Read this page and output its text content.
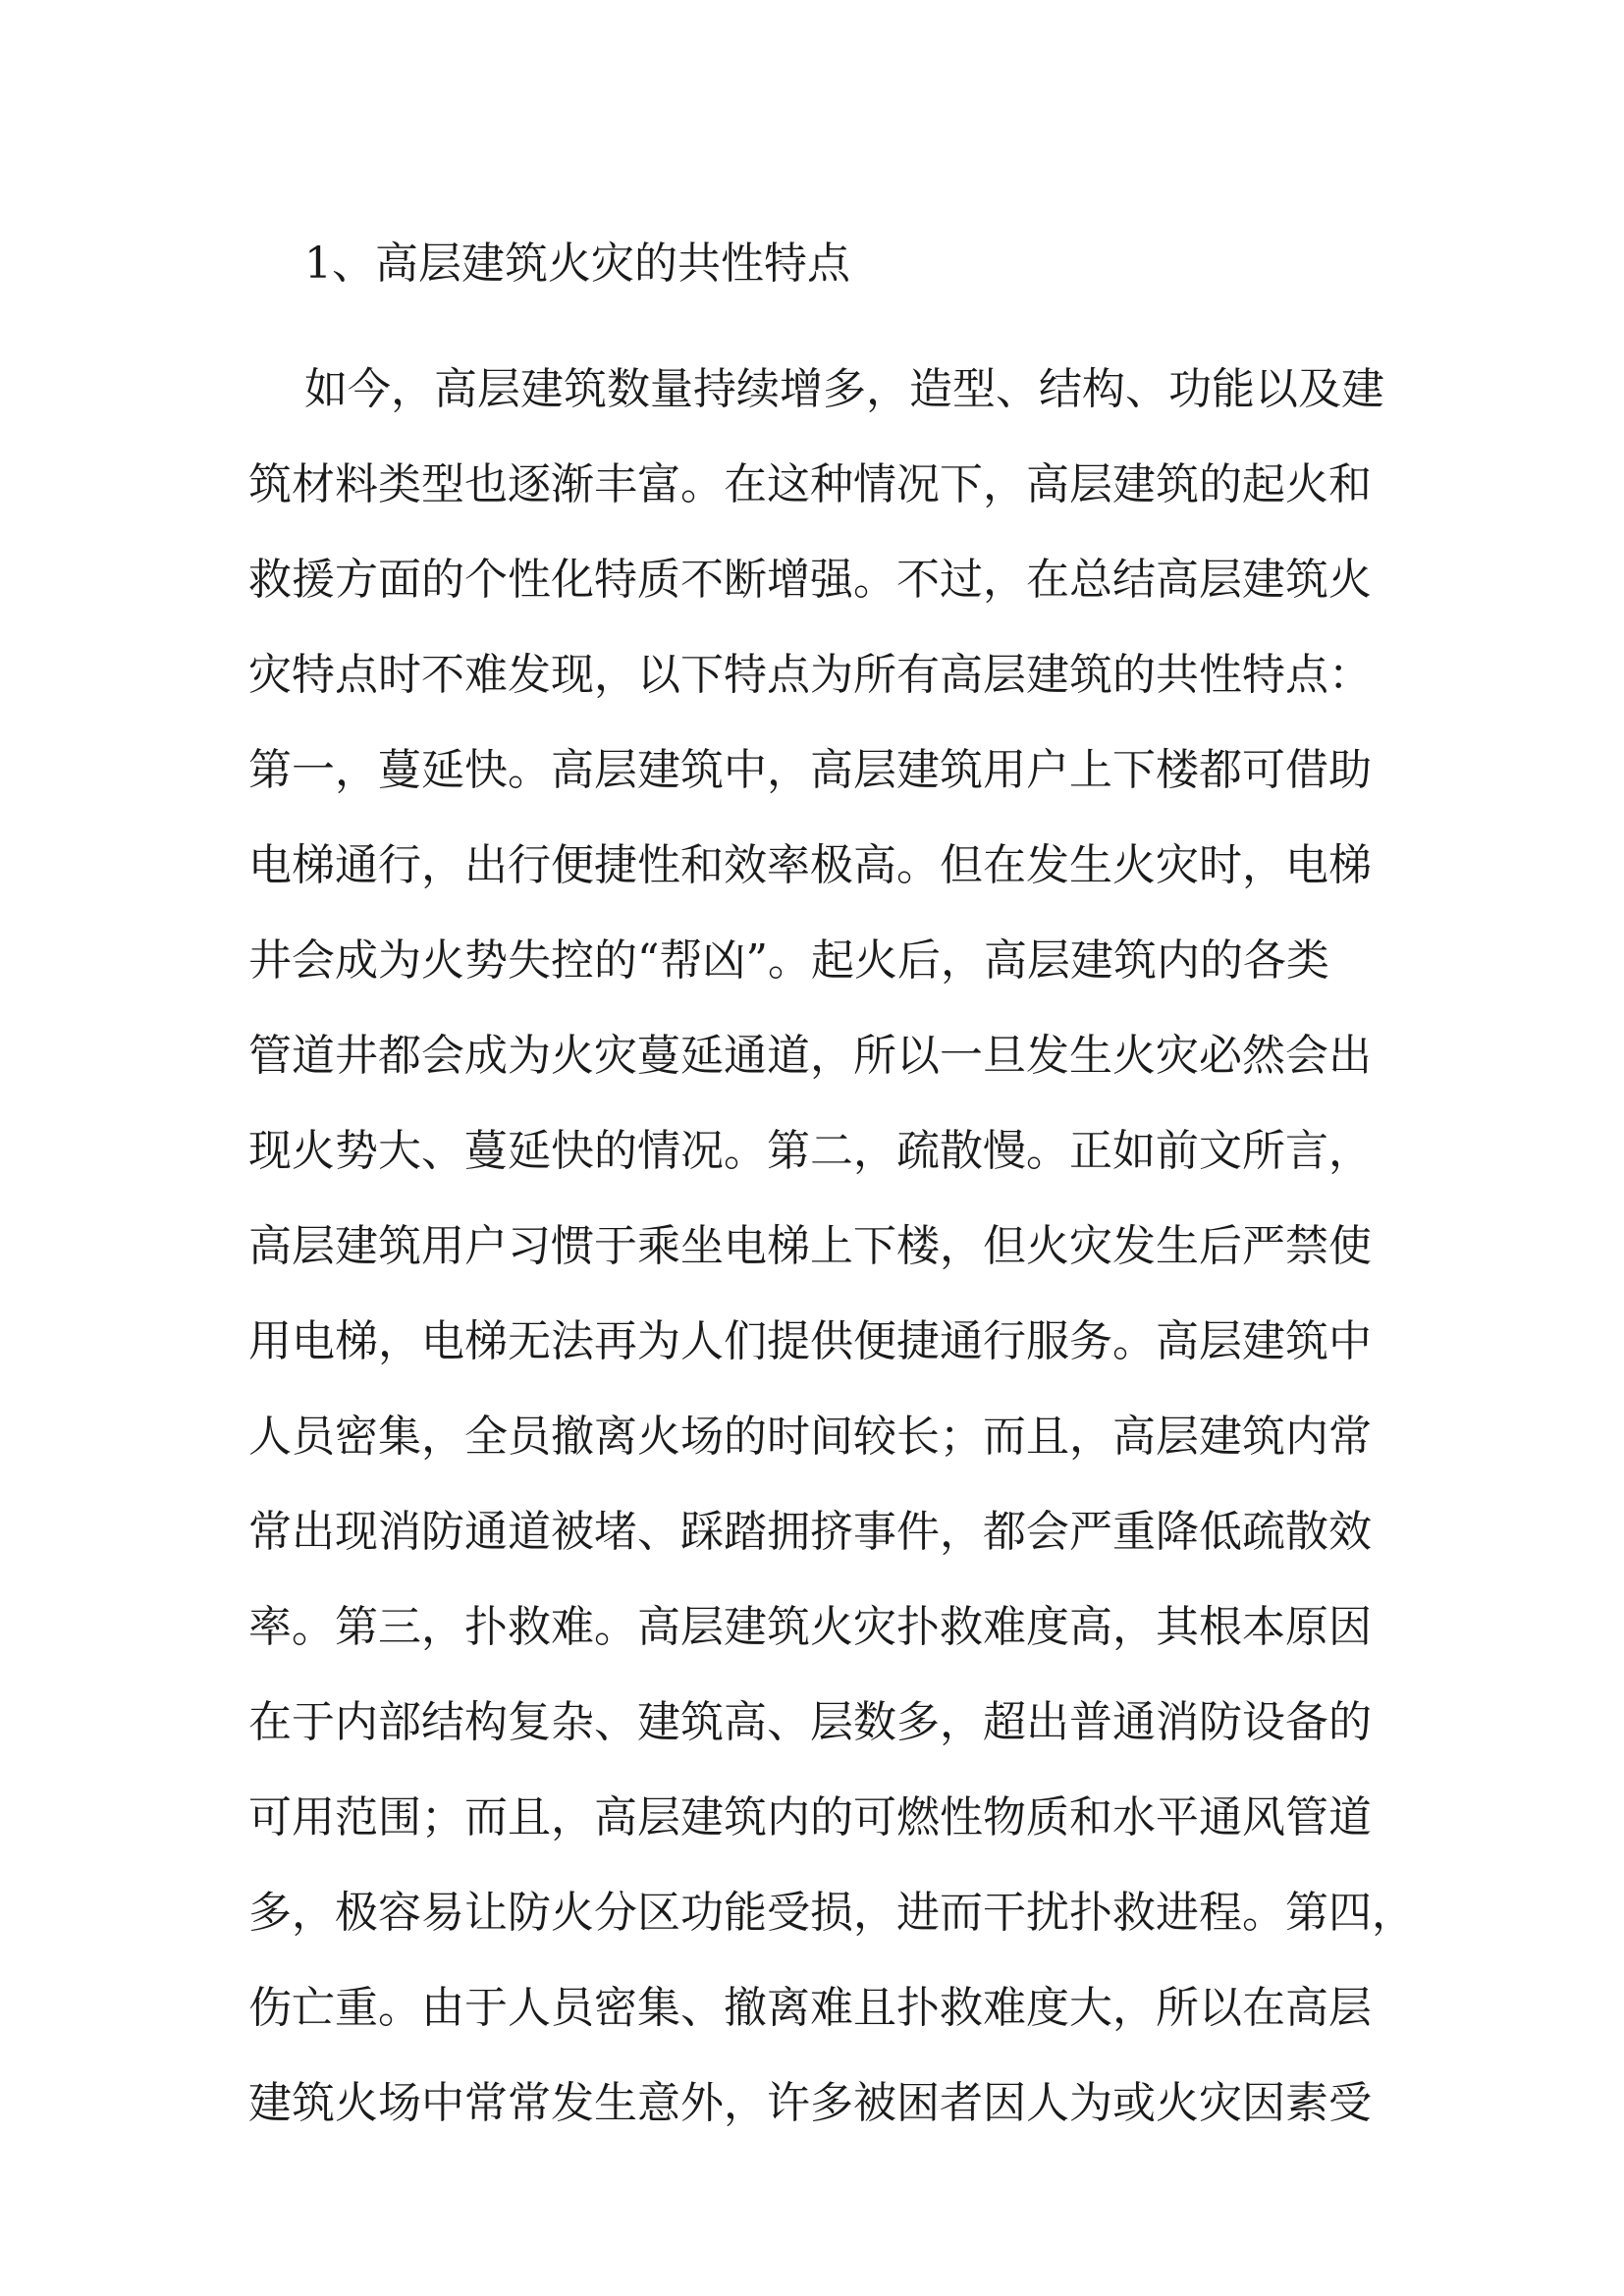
1、高层建筑火灾的共性特点
如今，高层建筑数量持续增多，造型、结构、功能以及建
筑材料类型也逐渐丰富。在这种情况下，高层建筑的起火和
救援方面的个性化特质不断增强。不过，在总结高层建筑火
灾特点时不难发现，以下特点为所有高层建筑的共性特点：
第一，蔓延快。高层建筑中，高层建筑用户上下楼都可借助
电梯通行，出行便捷性和效率极高。但在发生火灾时，电梯
井会成为火势失控的“帮凶”。起火后，高层建筑内的各类
管道井都会成为火灾蔓延通道，所以一旦发生火灾必然会出
现火势大、蔓延快的情况。第二，疏散慢。正如前文所言，
高层建筑用户习惯于乘坐电梯上下楼，但火灾发生后严禁使
用电梯，电梯无法再为人们提供便捷通行服务。高层建筑中
人员密集，全员撤离火场的时间较长；而且，高层建筑内常
常出现消防通道被堵、踩踏拥挤事件，都会严重降低疏散效
率。第三，扑救难。高层建筑火灾扑救难度高，其根本原因
在于内部结构复杂、建筑高、层数多，超出普通消防设备的
可用范围；而且，高层建筑内的可燃性物质和水平通风管道
多，极容易让防火分区功能受损，进而干扰扑救进程。第四，
伤亡重。由于人员密集、撤离难且扑救难度大，所以在高层
建筑火场中常常发生意外，许多被困者因人为或火灾因素受
